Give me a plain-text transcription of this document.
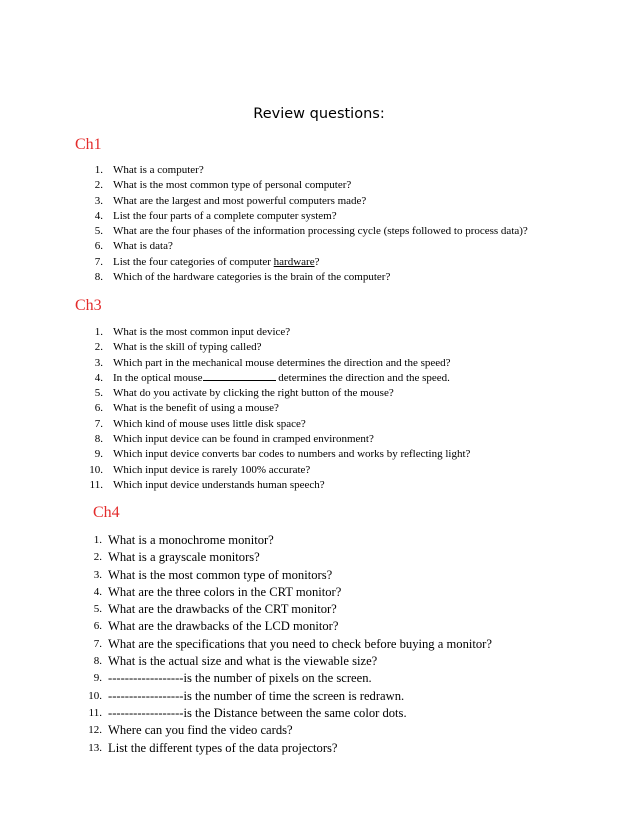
Review questions:
Ch1
1. What is a computer?
2. What is the most common type of personal computer?
3. What are the largest and most powerful computers made?
4. List the four parts of a complete computer system?
5. What are the four phases of the information processing cycle (steps followed to process data)?
6. What is data?
7. List the four categories of computer hardware?
8. Which of the hardware categories is the brain of the computer?
Ch3
1. What is the most common input device?
2. What is the skill of typing called?
3. Which part in the mechanical mouse determines the direction and the speed?
4. In the optical mouse	determines the direction and the speed.
5. What do you activate by clicking the right button of the mouse?
6. What is the benefit of using a mouse?
7. Which kind of mouse uses little disk space?
8. Which input device can be found in cramped environment?
9. Which input device converts bar codes to numbers and works by reflecting light?
10. Which input device is rarely 100% accurate?
11. Which input device understands human speech?
Ch4
1. What is a monochrome monitor?
2. What is a grayscale monitors?
3. What is the most common type of monitors?
4. What are the three colors in the CRT monitor?
5. What are the drawbacks of the CRT monitor?
6. What are the drawbacks of the LCD monitor?
7. What are the specifications that you need to check before buying a monitor?
8. What is the actual size and what is the viewable size?
9. ------------------is the number of pixels on the screen.
10. ------------------is the number of time the screen is redrawn.
11. ------------------is the Distance between the same color dots.
12. Where can you find the video cards?
13. List the different types of the data projectors?
